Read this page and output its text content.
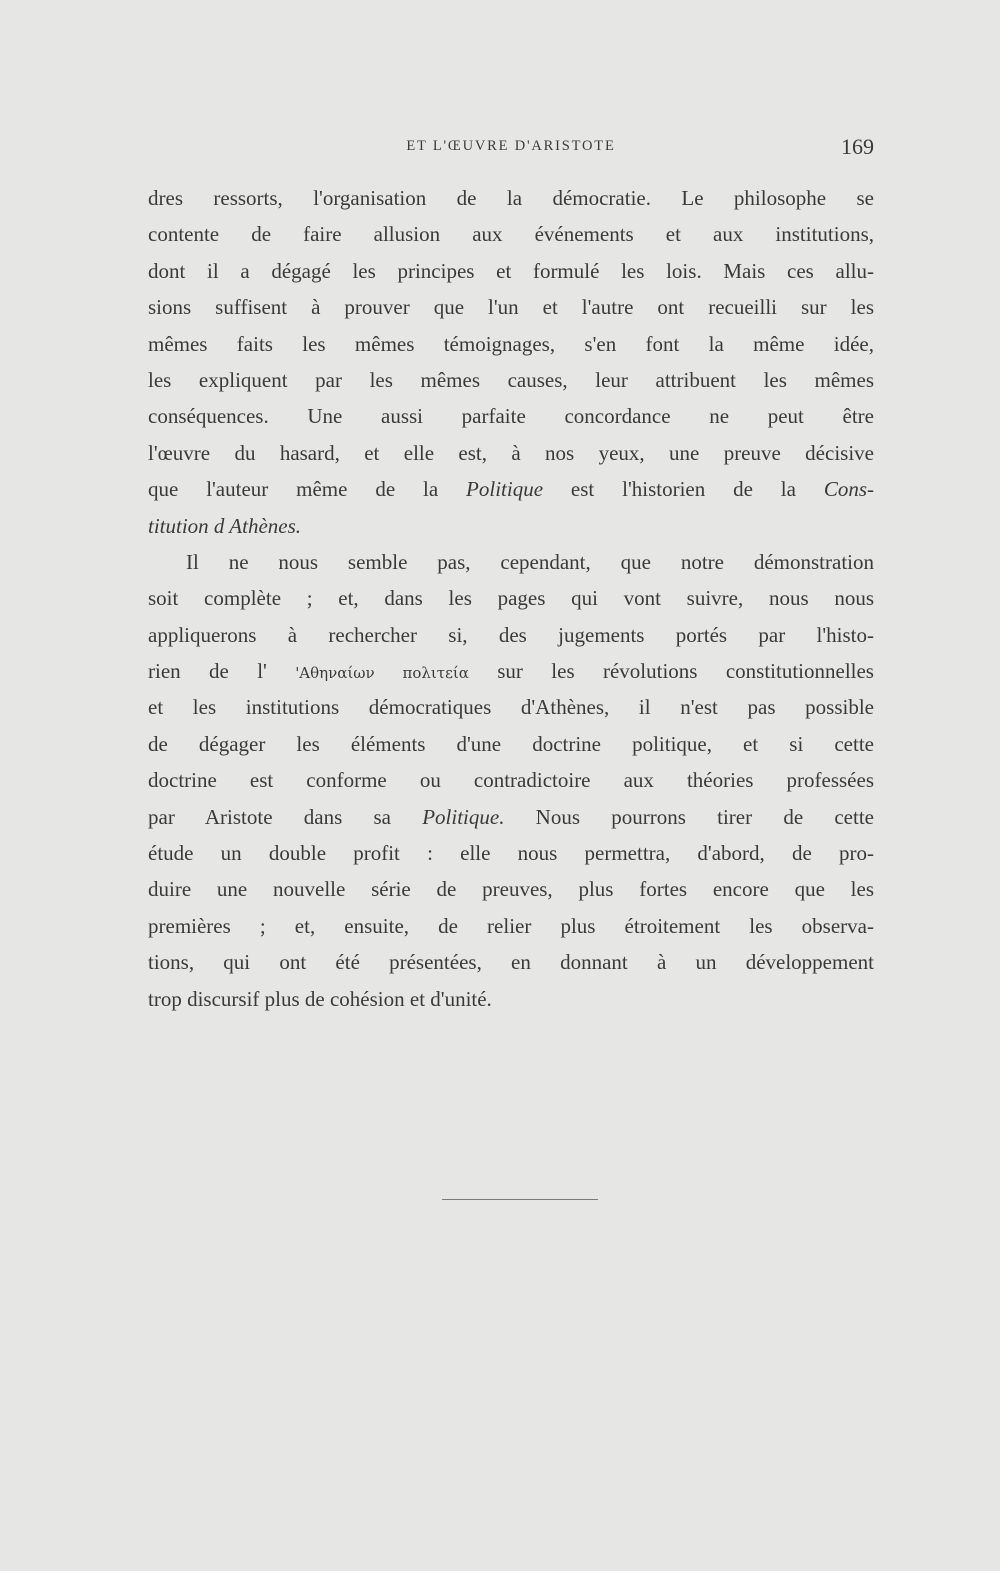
ET L'ŒUVRE D'ARISTOTE	169
dres ressorts, l'organisation de la démocratie. Le philosophe se
contente de faire allusion aux événements et aux institutions,
dont il a dégagé les principes et formulé les lois. Mais ces allu-
sions suffisent à prouver que l'un et l'autre ont recueilli sur les
mêmes faits les mêmes témoignages, s'en font la même idée,
les expliquent par les mêmes causes, leur attribuent les mêmes
conséquences. Une aussi parfaite concordance ne peut être
l'œuvre du hasard, et elle est, à nos yeux, une preuve décisive
que l'auteur même de la Politique est l'historien de la Cons-
titution d Athènes.
Il ne nous semble pas, cependant, que notre démonstration
soit complète ; et, dans les pages qui vont suivre, nous nous
appliquerons à rechercher si, des jugements portés par l'histo-
rien de l' 'Αθηναίων πολιτεία sur les révolutions constitutionnelles
et les institutions démocratiques d'Athènes, il n'est pas possible
de dégager les éléments d'une doctrine politique, et si cette
doctrine est conforme ou contradictoire aux théories professées
par Aristote dans sa Politique. Nous pourrons tirer de cette
étude un double profit : elle nous permettra, d'abord, de pro-
duire une nouvelle série de preuves, plus fortes encore que les
premières ; et, ensuite, de relier plus étroitement les observa-
tions, qui ont été présentées, en donnant à un développement
trop discursif plus de cohésion et d'unité.
